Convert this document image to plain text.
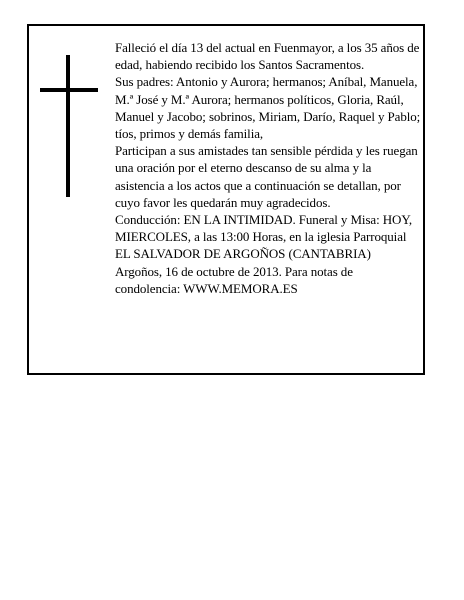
Falleció el día 13 del actual en Fuenmayor, a los 35 años de edad, habiendo recibido los Santos Sacramentos.

Sus padres: Antonio y Aurora; hermanos; Aníbal, Manuela, M.ª José y M.ª Aurora; hermanos políticos, Gloria, Raúl, Manuel y Jacobo; sobrinos, Miriam, Darío, Raquel y Pablo; tíos, primos y demás familia,

Participan a sus amistades tan sensible pérdida y les ruegan una oración por el eterno descanso de su alma y la asistencia a los actos que a continuación se detallan, por cuyo favor les quedarán muy agradecidos.

Conducción: EN LA INTIMIDAD. Funeral y Misa: HOY, MIERCOLES, a las 13:00 Horas, en la iglesia Parroquial EL SALVADOR DE ARGOÑOS (CANTABRIA)

Argoños, 16 de octubre de 2013. Para notas de condolencia: WWW.MEMORA.ES
